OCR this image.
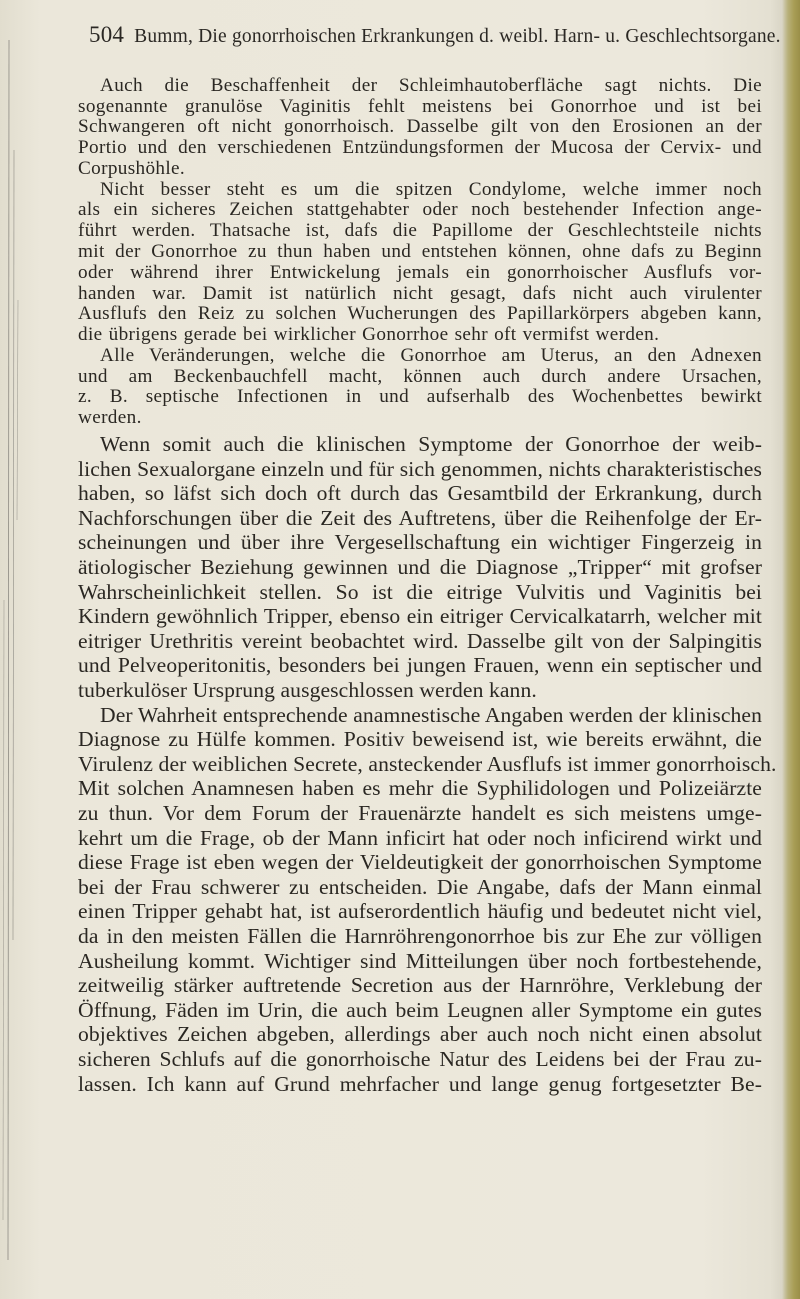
504 Bumm, Die gonorrhoischen Erkrankungen d. weibl. Harn- u. Geschlechtsorgane.
Auch die Beschaffenheit der Schleimhautoberfläche sagt nichts. Die
sogenannte granulöse Vaginitis fehlt meistens bei Gonorrhoe und ist bei
Schwangeren oft nicht gonorrhoisch. Dasselbe gilt von den Erosionen an der
Portio und den verschiedenen Entzündungsformen der Mucosa der Cervix- und
Corpushöhle.
Nicht besser steht es um die spitzen Condylome, welche immer noch
als ein sicheres Zeichen stattgehabter oder noch bestehender Infection ange-
führt werden. Thatsache ist, dafs die Papillome der Geschlechtsteile nichts
mit der Gonorrhoe zu thun haben und entstehen können, ohne dafs zu Beginn
oder während ihrer Entwickelung jemals ein gonorrhoischer Ausflufs vor-
handen war. Damit ist natürlich nicht gesagt, dafs nicht auch virulenter
Ausflufs den Reiz zu solchen Wucherungen des Papillarkörpers abgeben kann,
die übrigens gerade bei wirklicher Gonorrhoe sehr oft vermifst werden.
Alle Veränderungen, welche die Gonorrhoe am Uterus, an den Adnexen
und am Beckenbauchfell macht, können auch durch andere Ursachen,
z. B. septische Infectionen in und aufserhalb des Wochenbettes bewirkt
werden.
Wenn somit auch die klinischen Symptome der Gonorrhoe der weib-
lichen Sexualorgane einzeln und für sich genommen, nichts charakteristisches
haben, so läfst sich doch oft durch das Gesamtbild der Erkrankung, durch
Nachforschungen über die Zeit des Auftretens, über die Reihenfolge der Er-
scheinungen und über ihre Vergesellschaftung ein wichtiger Fingerzeig in
ätiologischer Beziehung gewinnen und die Diagnose „Tripper“ mit grofser
Wahrscheinlichkeit stellen. So ist die eitrige Vulvitis und Vaginitis bei
Kindern gewöhnlich Tripper, ebenso ein eitriger Cervicalkatarrh, welcher mit
eitriger Urethritis vereint beobachtet wird. Dasselbe gilt von der Salpingitis
und Pelveoperitonitis, besonders bei jungen Frauen, wenn ein septischer und
tuberkulöser Ursprung ausgeschlossen werden kann.
Der Wahrheit entsprechende anamnestische Angaben werden der klinischen
Diagnose zu Hülfe kommen. Positiv beweisend ist, wie bereits erwähnt, die
Virulenz der weiblichen Secrete, ansteckender Ausflufs ist immer gonorrhoisch.
Mit solchen Anamnesen haben es mehr die Syphilidologen und Polizeiärzte
zu thun. Vor dem Forum der Frauenärzte handelt es sich meistens umge-
kehrt um die Frage, ob der Mann inficirt hat oder noch inficirend wirkt und
diese Frage ist eben wegen der Vieldeutigkeit der gonorrhoischen Symptome
bei der Frau schwerer zu entscheiden. Die Angabe, dafs der Mann einmal
einen Tripper gehabt hat, ist aufserordentlich häufig und bedeutet nicht viel,
da in den meisten Fällen die Harnröhrengonorrhoe bis zur Ehe zur völligen
Ausheilung kommt. Wichtiger sind Mitteilungen über noch fortbestehende,
zeitweilig stärker auftretende Secretion aus der Harnröhre, Verklebung der
Öffnung, Fäden im Urin, die auch beim Leugnen aller Symptome ein gutes
objektives Zeichen abgeben, allerdings aber auch noch nicht einen absolut
sicheren Schlufs auf die gonorrhoische Natur des Leidens bei der Frau zu-
lassen. Ich kann auf Grund mehrfacher und lange genug fortgesetzter Be-
